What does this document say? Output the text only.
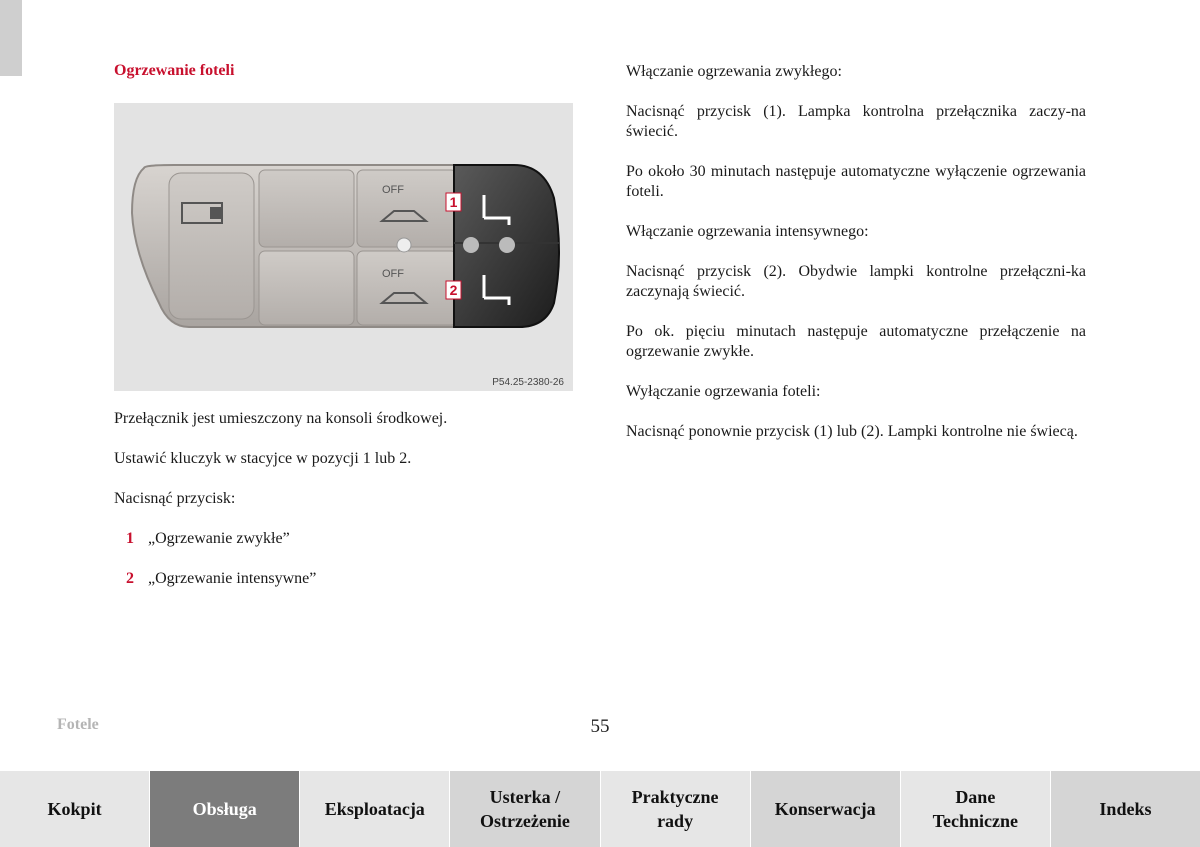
Ogrzewanie foteli
OFF
OFF
1
2
P54.25-2380-26

Przełącznik jest umieszczony na konsoli środkowej.

Ustawić kluczyk w stacyjce w pozycji 1 lub 2.

Nacisnąć przycisk:

1 „Ogrzewanie zwykłe”
2 „Ogrzewanie intensywne”

Włączanie ogrzewania zwykłego:

Nacisnąć przycisk (1). Lampka kontrolna przełącznika zaczy-na świecić.

Po około 30 minutach następuje automatyczne wyłączenie ogrzewania foteli.

Włączanie ogrzewania intensywnego:

Nacisnąć przycisk (2). Obydwie lampki kontrolne przełączni-ka zaczynają świecić.

Po ok. pięciu minutach następuje automatyczne przełączenie na ogrzewanie zwykłe.

Wyłączanie ogrzewania foteli:

Nacisnąć ponownie przycisk (1) lub (2). Lampki kontrolne nie świecą.

Fotele	55
Kokpit	Obsługa	Eksploatacja
Usterka /
Ostrzeżenie
Praktyczne
rady
Konserwacja
Dane
Techniczne
Indeks
